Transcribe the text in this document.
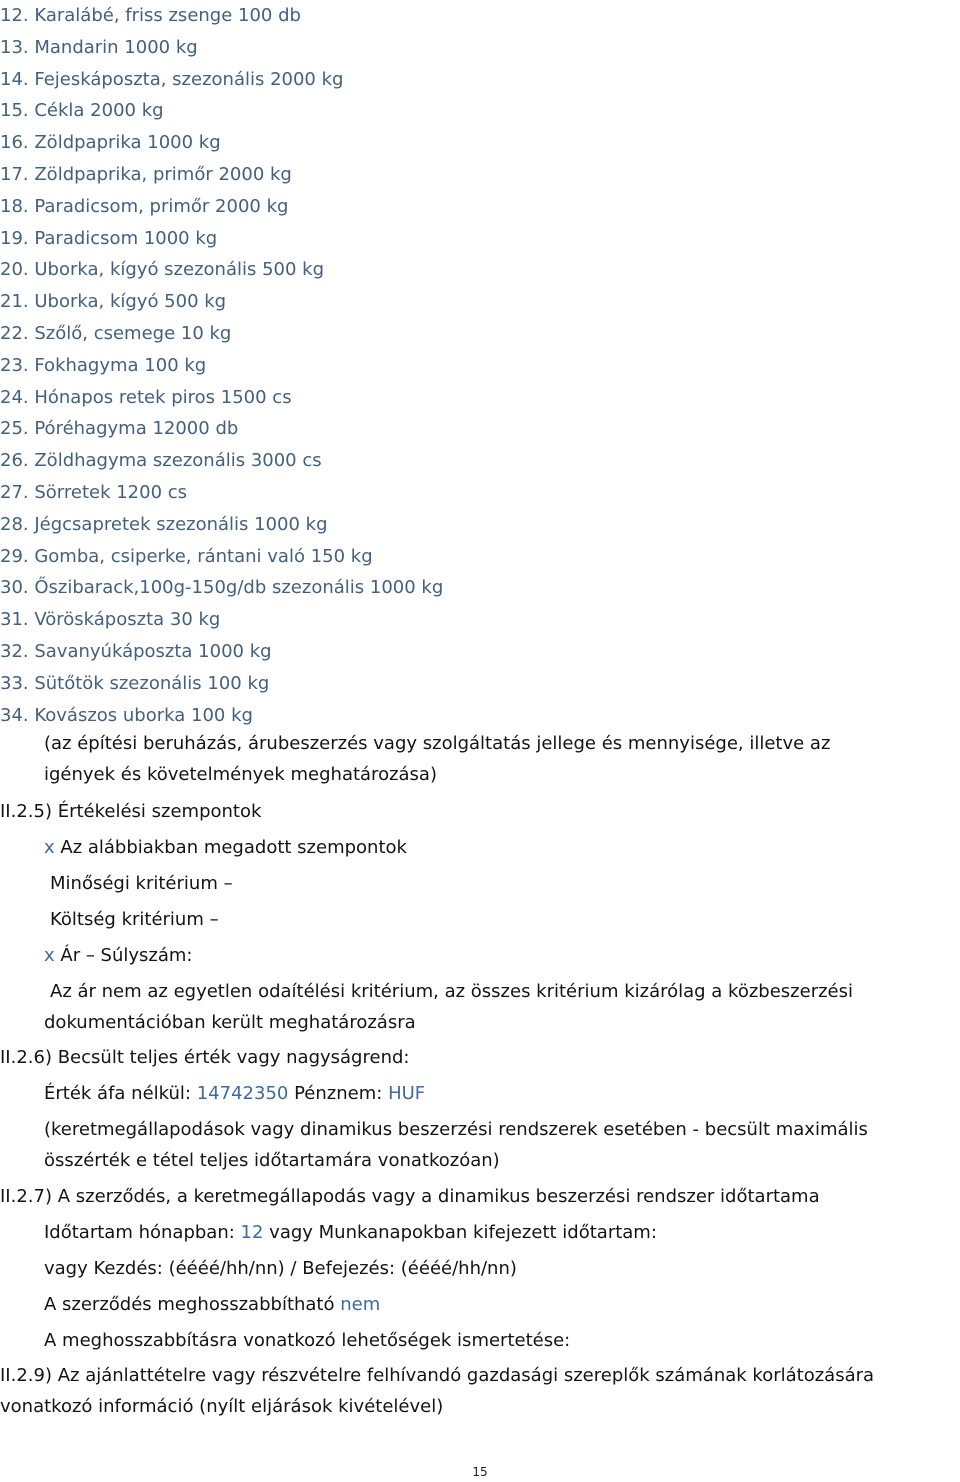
12. Karalábé, friss zsenge 100 db
13. Mandarin 1000 kg
14. Fejeskáposzta, szezonális 2000 kg
15. Cékla 2000 kg
16. Zöldpaprika 1000 kg
17. Zöldpaprika, primőr 2000 kg
18. Paradicsom, primőr 2000 kg
19. Paradicsom 1000 kg
20. Uborka, kígyó szezonális 500 kg
21. Uborka, kígyó 500 kg
22. Szőlő, csemege 10 kg
23. Fokhagyma 100 kg
24. Hónapos retek piros 1500 cs
25. Póréhagyma 12000 db
26. Zöldhagyma szezonális 3000 cs
27. Sörretek 1200 cs
28. Jégcsapretek szezonális 1000 kg
29. Gomba, csiperke, rántani való 150 kg
30. Őszibarack,100g-150g/db szezonális 1000 kg
31. Vöröskáposzta 30 kg
32. Savanyúkáposzta 1000 kg
33. Sütőtök szezonális 100 kg
34. Kovászos uborka 100 kg
(az építési beruházás, árubeszerzés vagy szolgáltatás jellege és mennyisége, illetve az
igények és követelmények meghatározása)
II.2.5) Értékelési szempontok
x Az alábbiakban megadott szempontok
Minőségi kritérium –
Költség kritérium –
x Ár – Súlyszám:
Az ár nem az egyetlen odaítélési kritérium, az összes kritérium kizárólag a közbeszerzési
dokumentációban került meghatározásra
II.2.6) Becsült teljes érték vagy nagyságrend:
Érték áfa nélkül: 14742350 Pénznem: HUF
(keretmegállapodások vagy dinamikus beszerzési rendszerek esetében - becsült maximális
összérték e tétel teljes időtartamára vonatkozóan)
II.2.7) A szerződés, a keretmegállapodás vagy a dinamikus beszerzési rendszer időtartama
Időtartam hónapban: 12 vagy Munkanapokban kifejezett időtartam:
vagy Kezdés: (éééé/hh/nn) / Befejezés: (éééé/hh/nn)
A szerződés meghosszabbítható nem
A meghosszabbításra vonatkozó lehetőségek ismertetése:
II.2.9) Az ajánlattételre vagy részvételre felhívandó gazdasági szereplők számának korlátozására
vonatkozó információ (nyílt eljárások kivételével)
15
